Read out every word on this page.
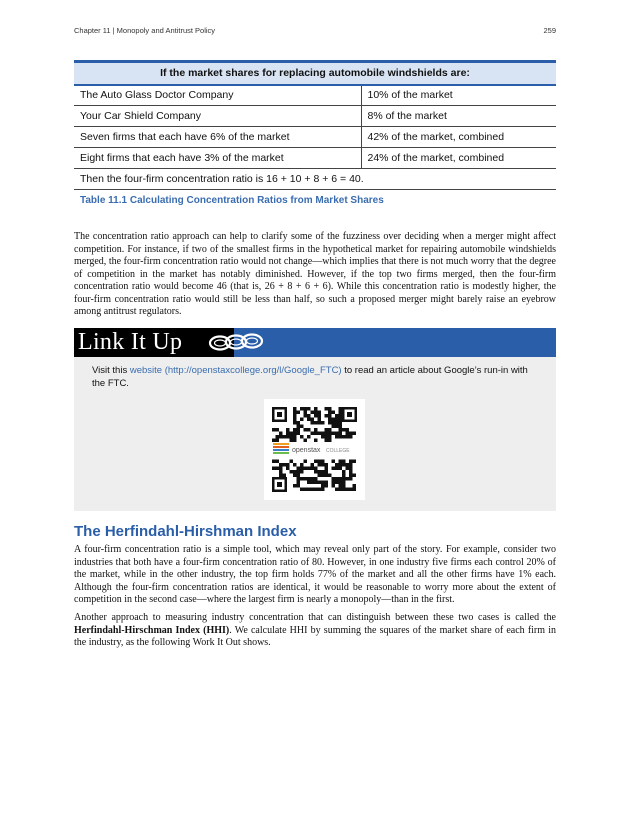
Chapter 11 | Monopoly and Antitrust Policy	259
If the market shares for replacing automobile windshields are:	
The Auto Glass Doctor Company	10% of the market
Your Car Shield Company	8% of the market
Seven firms that each have 6% of the market	42% of the market, combined
Eight firms that each have 3% of the market	24% of the market, combined
Then the four-firm concentration ratio is 16 + 10 + 8 + 6 = 40.	
Table 11.1 Calculating Concentration Ratios from Market Shares

The concentration ratio approach can help to clarify some of the fuzziness over deciding when a merger might affect competition. For instance, if two of the smallest firms in the hypothetical market for repairing automobile windshields merged, the four-firm concentration ratio would not change—which implies that there is not much worry that the degree of competition in the market has notably diminished. However, if the top two firms merged, then the four-firm concentration ratio would become 46 (that is, 26 + 8 + 6 + 6). While this concentration ratio is modestly higher, the four-firm concentration ratio would still be less than half, so such a proposed merger might barely raise an eyebrow among antitrust regulators.

Link It Up

Visit this website (http://openstaxcollege.org/l/Google_FTC) to read an article about Google’s run-in with the FTC.

openstax COLLEGE
The Herfindahl-Hirshman Index

A four-firm concentration ratio is a simple tool, which may reveal only part of the story. For example, consider two industries that both have a four-firm concentration ratio of 80. However, in one industry five firms each control 20% of the market, while in the other industry, the top firm holds 77% of the market and all the other firms have 1% each. Although the four-firm concentration ratios are identical, it would be reasonable to worry more about the extent of competition in the second case—where the largest firm is nearly a monopoly—than in the first.

Another approach to measuring industry concentration that can distinguish between these two cases is called the Herfindahl-Hirschman Index (HHI). We calculate HHI by summing the squares of the market share of each firm in the industry, as the following Work It Out shows.
